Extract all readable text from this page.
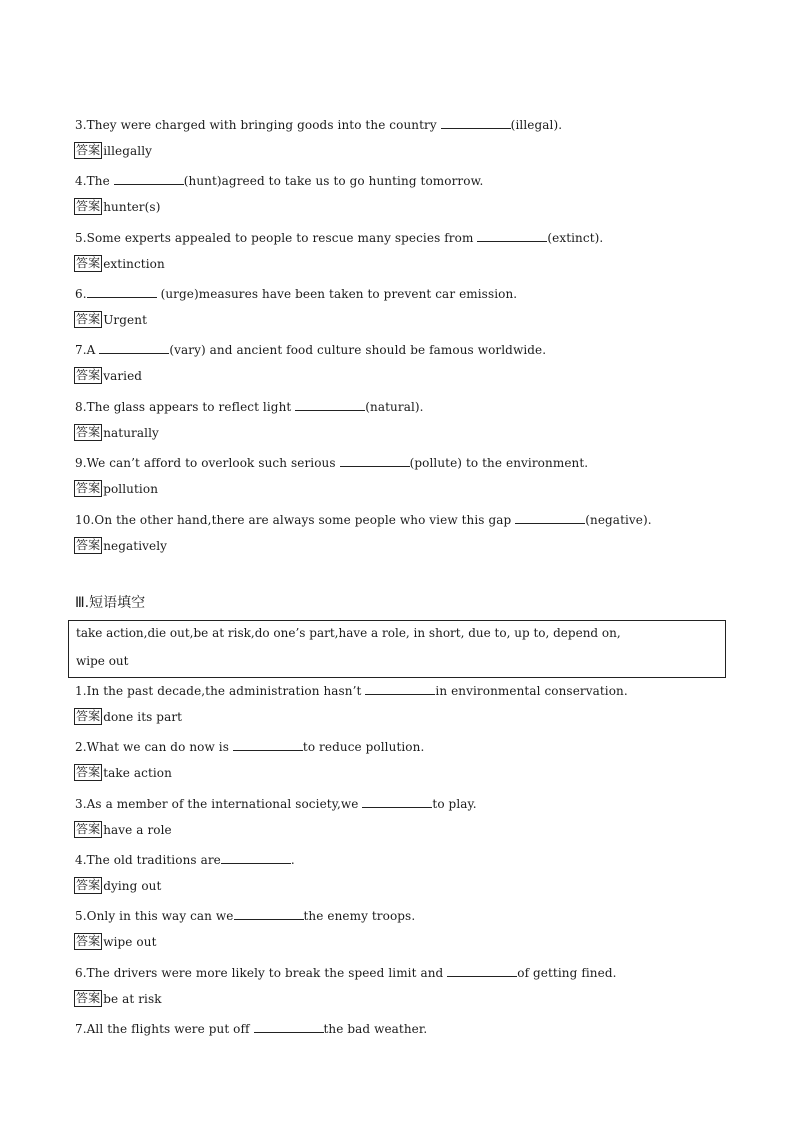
3.They were charged with bringing goods into the country	(illegal).
答案 illegally
4.The	(hunt)agreed to take us to go hunting tomorrow.
答案 hunter(s)
5.Some experts appealed to people to rescue many species from	(extinct).
答案 extinction
6.	(urge)measures have been taken to prevent car emission.
答案 Urgent
7.A	(vary) and ancient food culture should be famous worldwide.
答案 varied
8.The glass appears to reflect light	(natural).
答案 naturally
9.We can’t afford to overlook such serious	(pollute) to the environment.
答案 pollution
10.On the other hand,there are always some people who view this gap	(negative).
答案 negatively
Ⅲ.短语填空
take action,die out,be at risk,do one’s part,have a role, in short, due to, up to, depend on,
wipe out
1.In the past decade,the administration hasn’t	in environmental conservation.
答案 done its part
2.What we can do now is	to reduce pollution.
答案 take action
3.As a member of the international society,we	to play.
答案 have a role
4.The old traditions are	.
答案 dying out
5.Only in this way can we	the enemy troops.
答案 wipe out
6.The drivers were more likely to break the speed limit and	of getting fined.
答案 be at risk
7.All the flights were put off	the bad weather.
